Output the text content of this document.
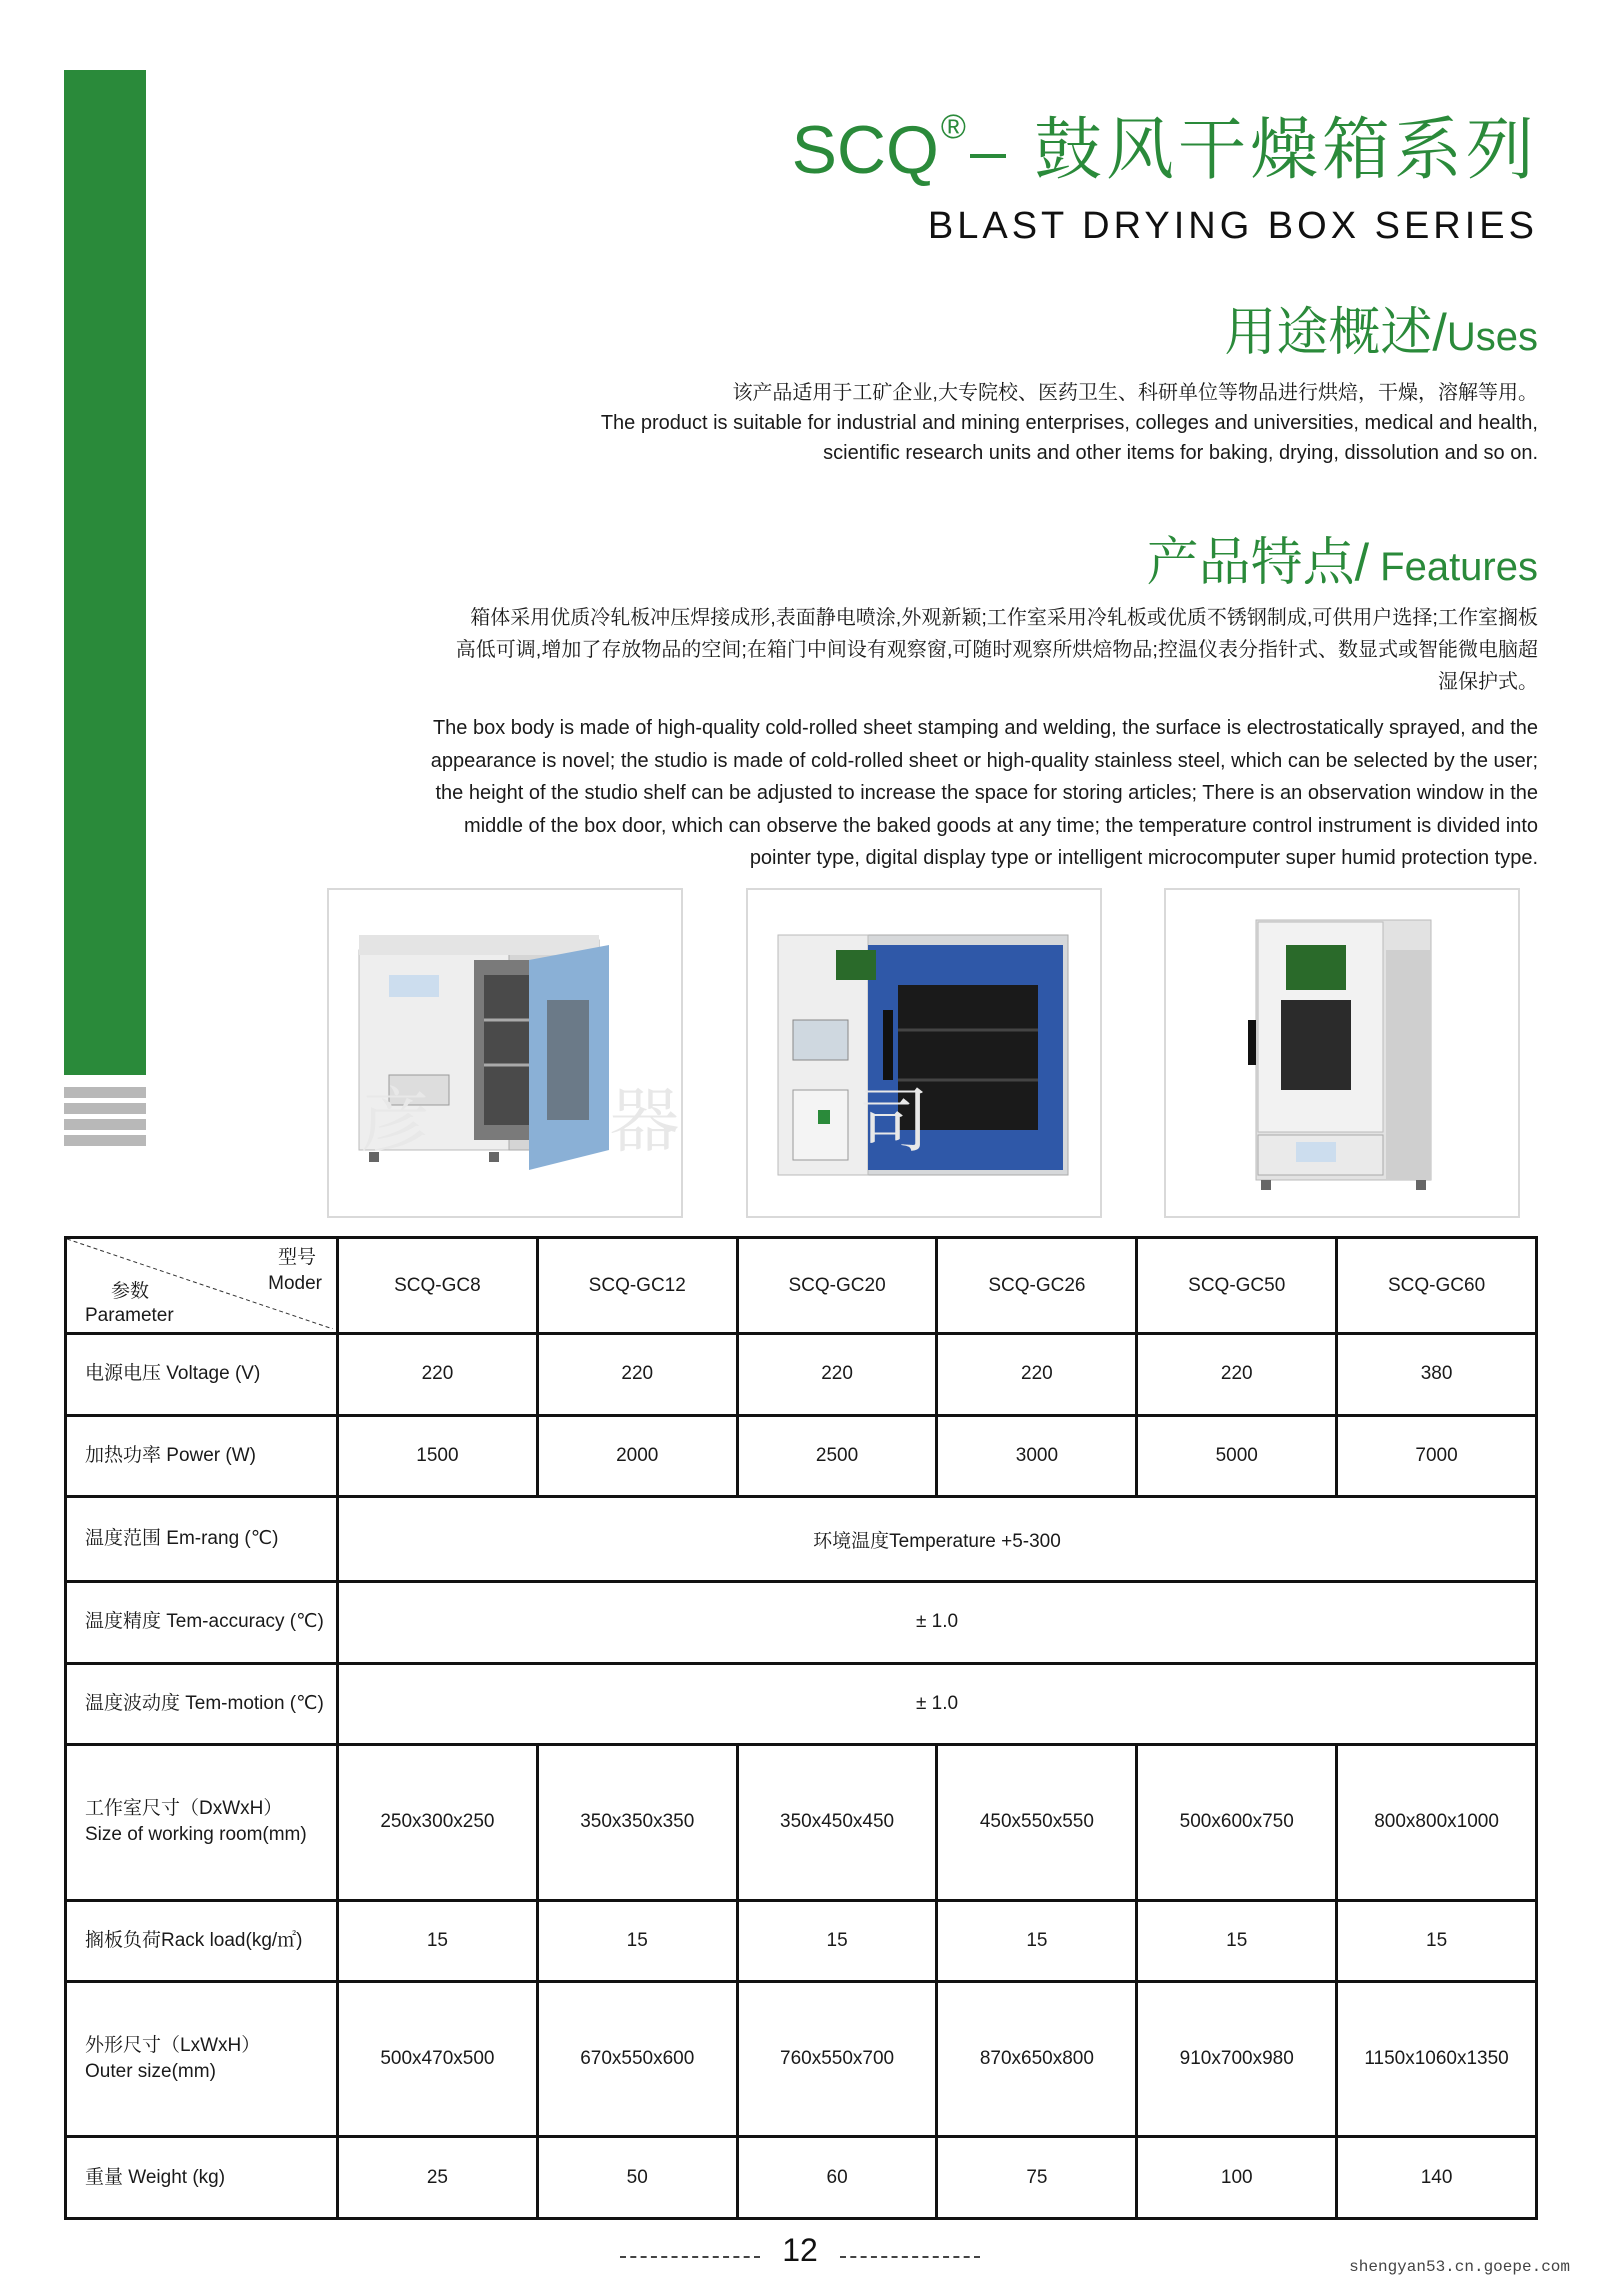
SCQ ® 鼓风干燥箱系列
BLAST DRYING BOX SERIES
用途概述/Uses
该产品适用于工矿企业,大专院校、医药卫生、科研单位等物品进行烘焙，干燥，溶解等用。
The product is suitable for industrial and mining enterprises, colleges and universities, medical and health,
scientific research units and other items for baking, drying, dissolution and so on.
产品特点/ Features
箱体采用优质冷轧板冲压焊接成形,表面静电喷涂,外观新颖;工作室采用冷轧板或优质不锈钢制成,可供用户选择;工作室搁板
高低可调,增加了存放物品的空间;在箱门中间设有观察窗,可随时观察所烘焙物品;控温仪表分指针式、数显式或智能微电脑超
湿保护式。
The box body is made of high-quality cold-rolled sheet stamping and welding, the surface is electrostatically sprayed, and the
appearance is novel; the studio is made of cold-rolled sheet or high-quality stainless steel, which can be selected by the user;
the height of the studio shelf can be adjusted to increase the space for storing articles; There is an observation window in the
middle of the box door, which can observe the baked goods at any time; the temperature control instrument is divided into
pointer type, digital display type or intelligent microcomputer super humid protection type.
彦 器 司
型号
Moder
参数
Parameter	SCQ-GC8	SCQ-GC12	SCQ-GC20	SCQ-GC26	SCQ-GC50	SCQ-GC60
电源电压 Voltage (V)	220	220	220	220	220	380
加热功率 Power (W)	1500	2000	2500	3000	5000	7000
温度范围 Em-rang (℃)	环境温度Temperature +5-300					
温度精度 Tem-accuracy (℃)	± 1.0					
温度波动度 Tem-motion (℃)	± 1.0					

工作室尺寸（DxWxH）
Size of working room(mm)	250x300x250	350x350x350	350x450x450	450x550x550	500x600x750	800x800x1000
搁板负荷Rack load(kg/㎡)	15	15	15	15	15	15

外形尺寸（LxWxH）
Outer size(mm)	500x470x500	670x550x600	760x550x700	870x650x800	910x700x980	1150x1060x1350
重量 Weight (kg)	25	50	60	75	100	140
12	shengyan53.cn.goepe.com
